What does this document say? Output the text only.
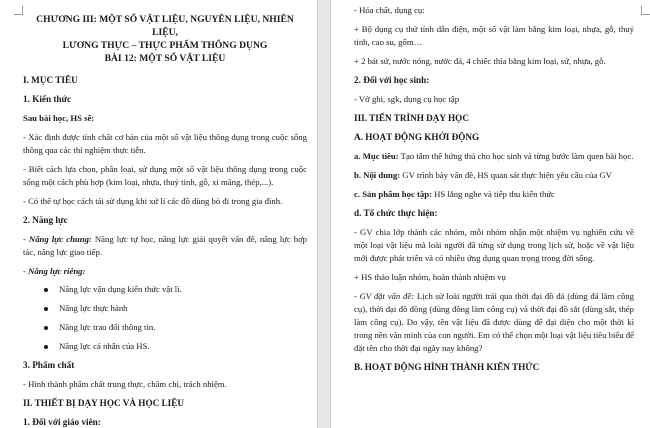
CHƯƠNG III: MỘT SỐ VẬT LIỆU, NGUYÊN LIỆU, NHIÊN LIỆU,

LƯƠNG THỰC – THỰC PHẨM THÔNG DỤNG

BÀI 12: MỘT SỐ VẬT LIỆU

I. MỤC TIÊU

1. Kiến thức

Sau bài học, HS sẽ:

- Xác định được tính chất cơ bản của một số vật liệu thông dụng trong cuộc sống thông qua các thí nghiệm thực tiễn.

- Biết cách lựa chọn, phân loại, sử dụng một số vật liệu thông dụng trong cuộc sống một cách phù hợp (kim loại, nhựa, thuỷ tinh, gỗ, xi măng, thép,...).

- Có thể tự học cách tái sử dụng khi xử lí các đồ dùng bỏ đi trong gia đình.

2. Năng lực

- Năng lực chung: Năng lực tự học, năng lực giải quyết vấn đề, năng lực hợp tác, năng lực giao tiếp.

- Năng lực riêng:

Năng lực vận dụng kiến thức vật lí.
Năng lực thực hành
Năng lực trao đổi thông tin.
Năng lực cá nhân của HS.

3. Phẩm chất

- Hình thành phẩm chất trung thực, chăm chỉ, trách nhiệm.

II. THIẾT BỊ DẠY HỌC VÀ HỌC LIỆU

1. Đối với giáo viên:

- Hóa chất, dụng cụ:

+ Bộ dụng cụ thử tính dẫn điện, một số vật làm bằng kim loại, nhựa, gỗ, thuỷ tinh, cao su, gốm…

+ 2 bát sứ, nước nóng, nước đá, 4 chiếc thìa bằng kim loại, sứ, nhựa, gỗ.

2. Đối với học sinh:

- Vở ghi, sgk, dụng cụ học tập

III. TIẾN TRÌNH DẠY HỌC

A. HOẠT ĐỘNG KHỞI ĐỘNG

a. Mục tiêu: Tạo tâm thế hứng thú cho học sinh và từng bước làm quen bài học.

b. Nội dung: GV trình bày vấn đề, HS quan sát thực hiện yêu cầu của GV

c. Sản phẩm học tập: HS lắng nghe và tiếp thu kiến thức

d. Tổ chức thực hiện:

- GV chia lớp thành các nhóm, mỗi nhóm nhận một nhiệm vụ nghiên cứu về một loại vật liệu mà loài người đã từng sử dụng trong lịch sử, hoặc về vật liệu mới được phát triển và có nhiều ứng dụng quan trọng trong đời sống.

+ HS thảo luận nhóm, hoàn thành nhiệm vụ

- GV đặt vấn đề: Lịch sử loài người trải qua thời đại đồ đá (dùng đá làm công cụ), thời đại đồ đồng (dùng đồng làm công cụ) và thời đại đồ sắt (dùng sắt, thép làm công cụ). Do vậy, tên vật liệu đã được dùng để đại diện cho một thời kì trong nền văn minh của con người. Em có thể chọn một loại vật liệu tiêu biểu để đặt tên cho thời đại ngày nay không?

B. HOẠT ĐỘNG HÌNH THÀNH KIẾN THỨC
